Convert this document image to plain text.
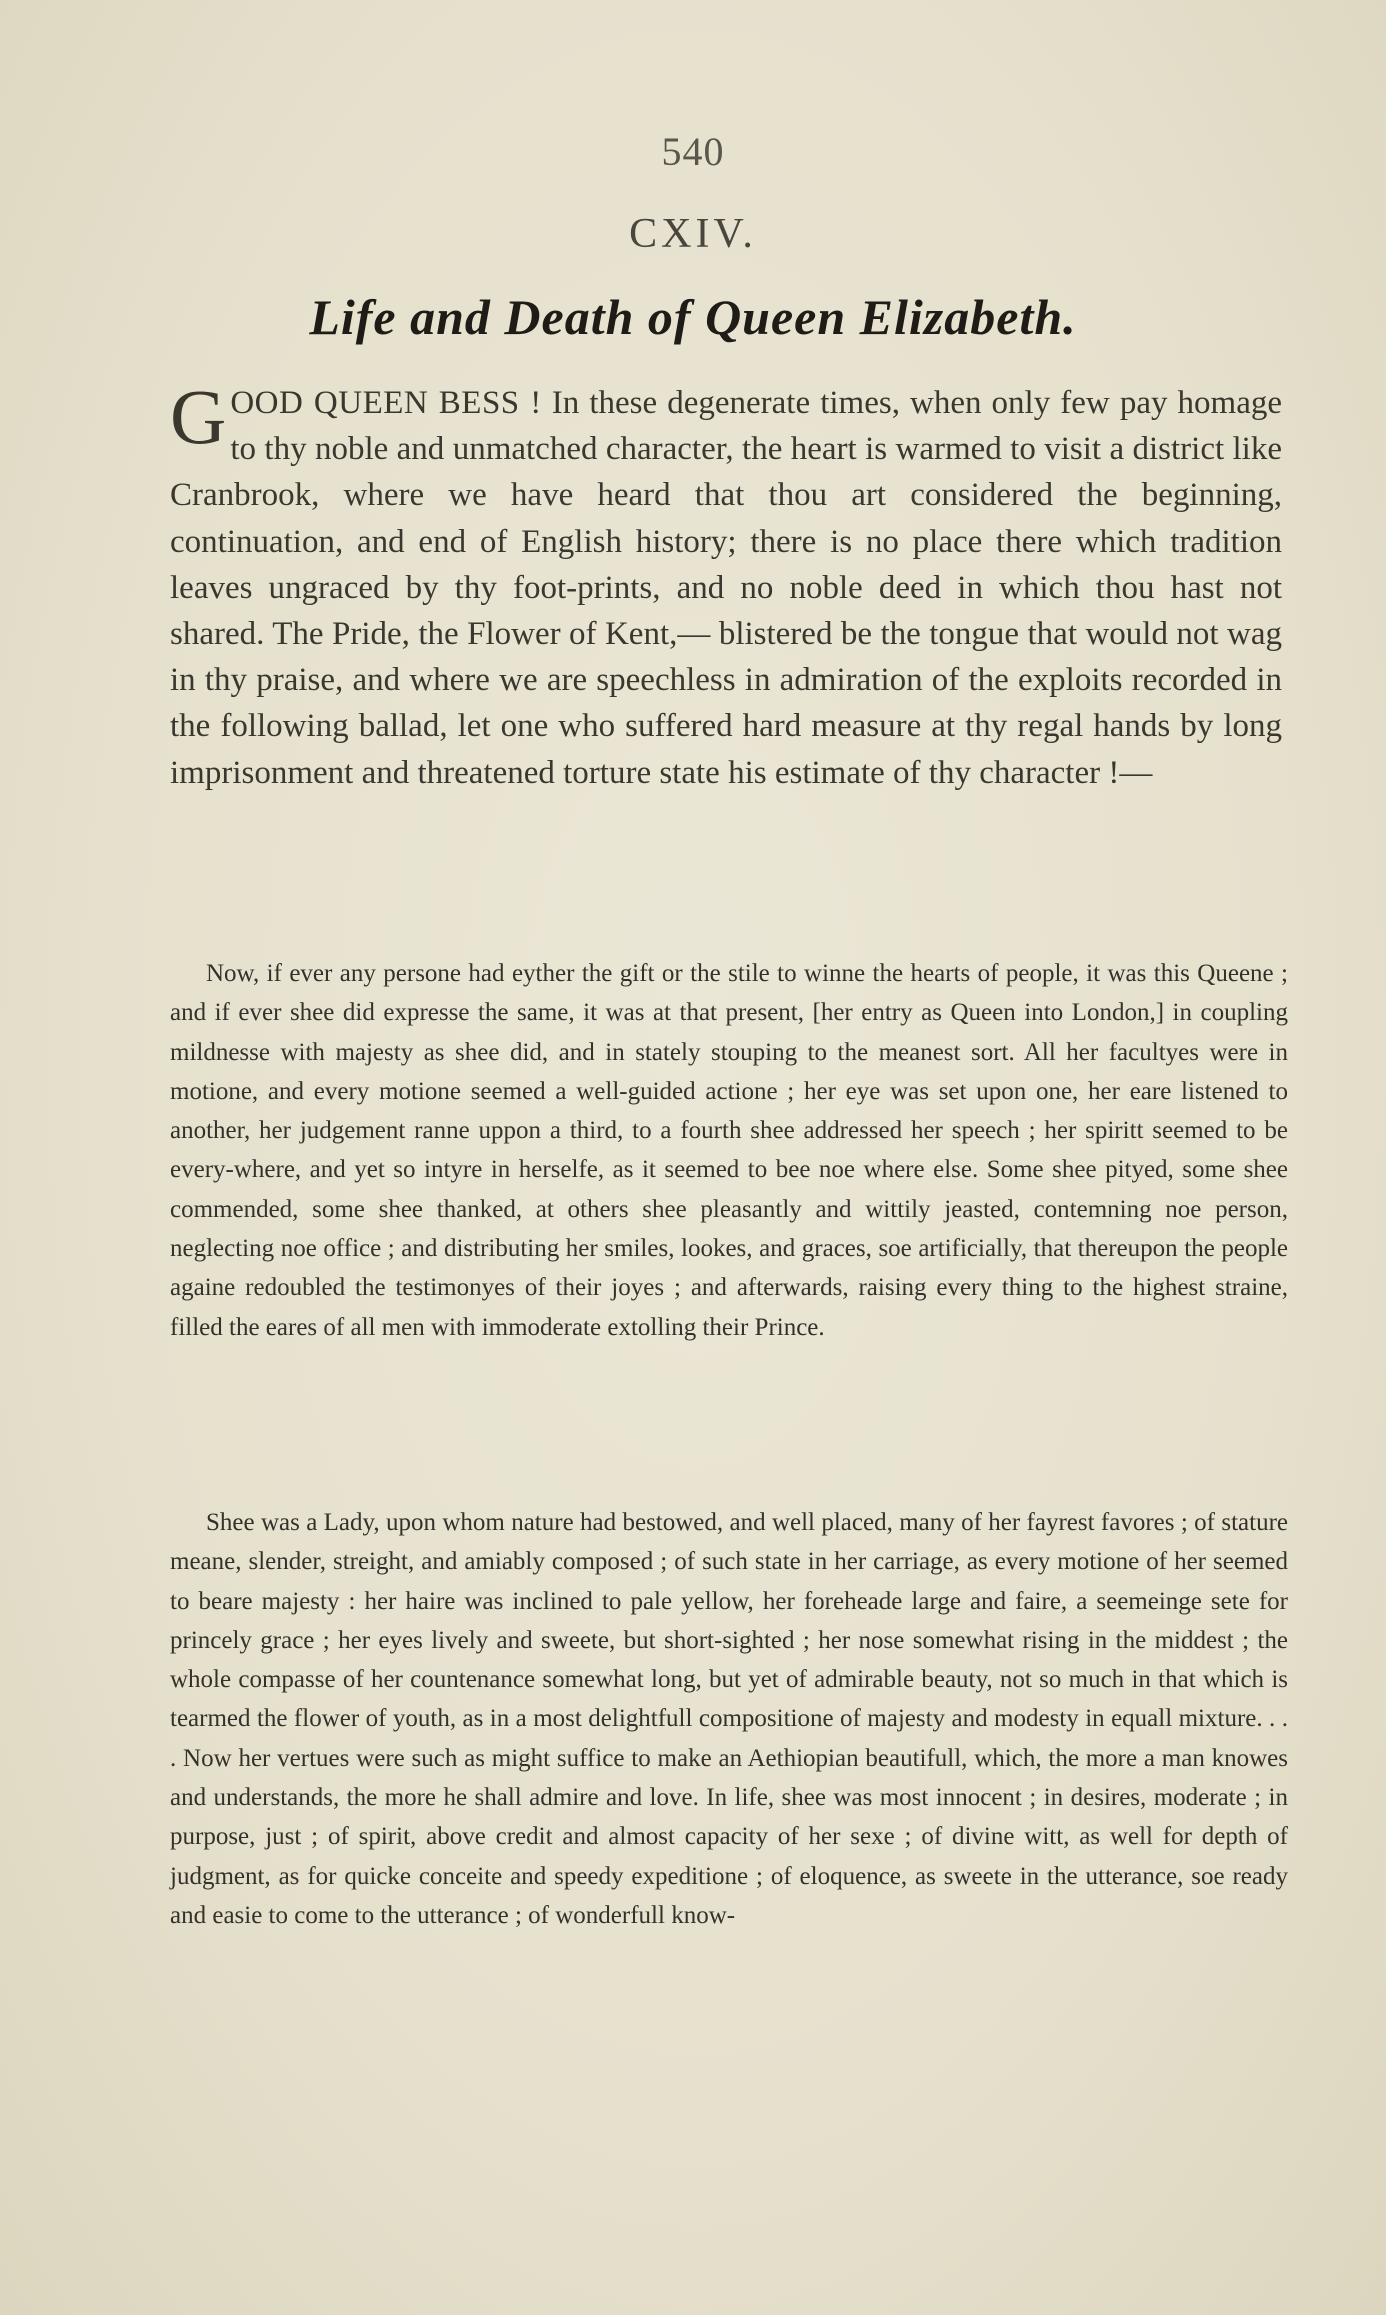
540
CXIV.
Life and Death of Queen Elizabeth.

GOOD QUEEN BESS ! In these degenerate times, when only few pay homage to thy noble and unmatched character, the heart is warmed to visit a district like Cranbrook, where we have heard that thou art considered the beginning, continuation, and end of English history; there is no place there which tradition leaves ungraced by thy foot-prints, and no noble deed in which thou hast not shared. The Pride, the Flower of Kent,— blistered be the tongue that would not wag in thy praise, and where we are speechless in admiration of the exploits recorded in the following ballad, let one who suffered hard measure at thy regal hands by long imprisonment and threatened torture state his estimate of thy character !—

Now, if ever any persone had eyther the gift or the stile to winne the hearts of people, it was this Queene ; and if ever shee did expresse the same, it was at that present, [her entry as Queen into London,] in coupling mildnesse with majesty as shee did, and in stately stouping to the meanest sort. All her facultyes were in motione, and every motione seemed a well-guided actione ; her eye was set upon one, her eare listened to another, her judgement ranne uppon a third, to a fourth shee addressed her speech ; her spiritt seemed to be every-where, and yet so intyre in herselfe, as it seemed to bee noe where else. Some shee pityed, some shee commended, some shee thanked, at others shee pleasantly and wittily jeasted, contemning noe person, neglecting noe office ; and distributing her smiles, lookes, and graces, soe artificially, that thereupon the people againe redoubled the testimonyes of their joyes ; and afterwards, raising every thing to the highest straine, filled the eares of all men with immoderate extolling their Prince.

Shee was a Lady, upon whom nature had bestowed, and well placed, many of her fayrest favores ; of stature meane, slender, streight, and amiably composed ; of such state in her carriage, as every motione of her seemed to beare majesty : her haire was inclined to pale yellow, her foreheade large and faire, a seemeinge sete for princely grace ; her eyes lively and sweete, but short-sighted ; her nose somewhat rising in the middest ; the whole compasse of her countenance somewhat long, but yet of admirable beauty, not so much in that which is tearmed the flower of youth, as in a most delightfull compositione of majesty and modesty in equall mixture. . . . Now her vertues were such as might suffice to make an Aethiopian beautifull, which, the more a man knowes and understands, the more he shall admire and love. In life, shee was most innocent ; in desires, moderate ; in purpose, just ; of spirit, above credit and almost capacity of her sexe ; of divine witt, as well for depth of judgment, as for quicke conceite and speedy expeditione ; of eloquence, as sweete in the utterance, soe ready and easie to come to the utterance ; of wonderfull know-
